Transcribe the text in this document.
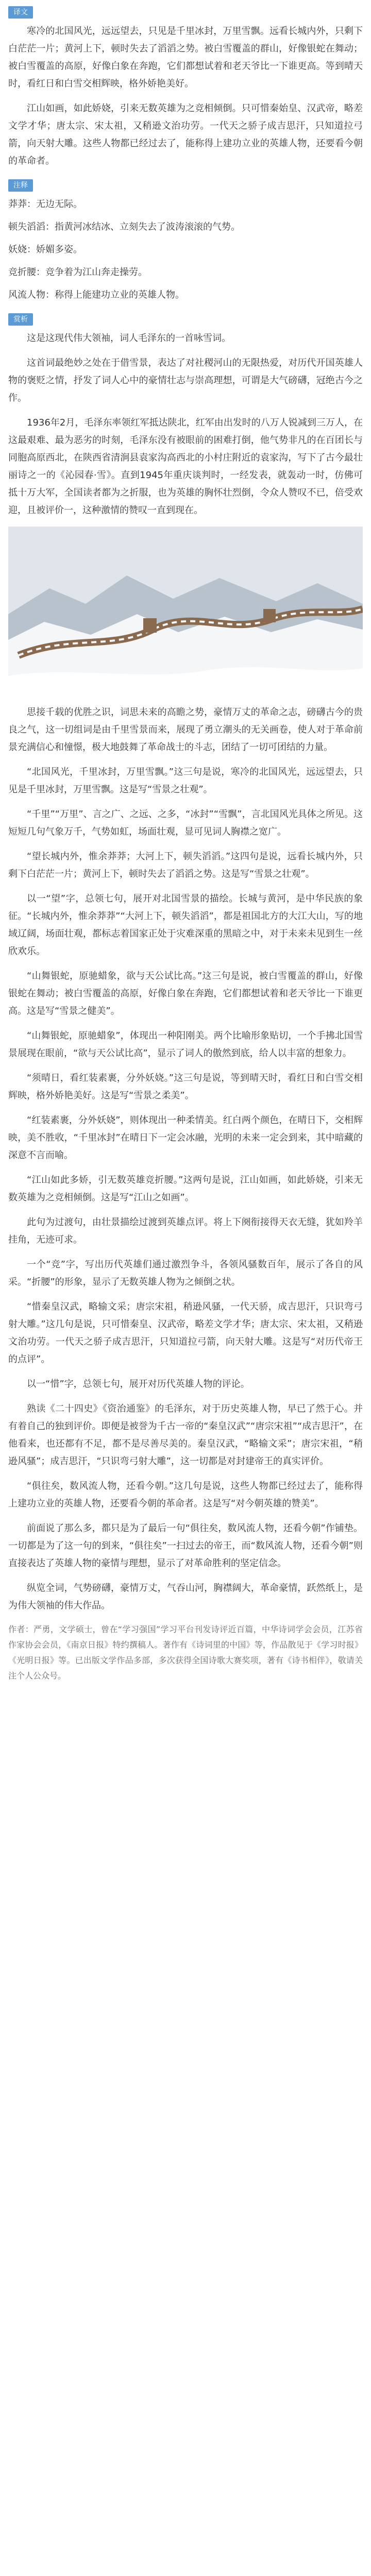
译文

寒冷的北国风光，远远望去，只见是千里冰封，万里雪飘。远看长城内外，只剩下白茫茫一片；黄河上下，顿时失去了滔滔之势。被白雪覆盖的群山，好像银蛇在舞动；被白雪覆盖的高原，好像白象在奔跑，它们都想试着和老天爷比一下谁更高。等到晴天时，看红日和白雪交相辉映，格外娇艳美好。

江山如画，如此娇娆，引来无数英雄为之竞相倾倒。只可惜秦始皇、汉武帝，略差文学才华；唐太宗、宋太祖，又稍逊文治功劳。一代天之骄子成吉思汗，只知道拉弓箭，向天射大雕。这些人物都已经过去了，能称得上建功立业的英雄人物，还要看今朝的革命者。

注释

莽莽：无边无际。

顿失滔滔：指黄河冰结冰、立刻失去了波涛滚滚的气势。

妖娆：娇媚多姿。

竞折腰：竞争着为江山奔走操劳。

风流人物：称得上能建功立业的英雄人物。

赏析

这是这现代伟大领袖，词人毛泽东的一首咏雪词。

这首词最绝妙之处在于借雪景，表达了对社稷河山的无限热爱，对历代开国英雄人物的褒贬之情，抒发了词人心中的豪情壮志与崇高理想，可谓是大气磅礴，冠绝古今之作。

1936年2月，毛泽东率领红军抵达陕北，红军由出发时的八万人锐减到三万人，在这最艰难、最为恶劣的时刻，毛泽东没有被眼前的困难打倒，他气势非凡的在百团长与同胞高原西北，在陕西省清涧县袁家沟高西北的小村庄附近的袁家沟，写下了古今最壮丽诗之一的《沁园春·雪》。直到1945年重庆谈判时，一经发表，就轰动一时，仿佛可抵十万大军，全国读者都为之折服，也为英雄的胸怀壮烈倒，令众人赞叹不已，倍受欢迎，且被评价一，这种激情的赞叹一直到现在。

思接千载的优胜之识，词思未来的高瞻之势，豪情万丈的革命之志，磅礴古今的贵良之气，这一切组词是由千里雪景而来，展现了勇立潮头的无关画卷，使人对于革命前景充满信心和憧憬，极大地鼓舞了革命战士的斗志，团结了一切可团结的力量。

“北国风光，千里冰封，万里雪飘。”这三句是说，寒冷的北国风光，远远望去，只见是千里冰封，万里雪飘。这是写“雪景之壮观”。

“千里”“万里”、言之广、之远、之多，“冰封”“雪飘”，言北国风光具体之所见。这短短几句气象万千，气势如虹，场面壮观，显可见词人胸襟之宽广。

“望长城内外，惟余莽莽；大河上下，顿失滔滔。”这四句是说，远看长城内外，只剩下白茫茫一片；黄河上下，顿时失去了滔滔之势。这是写“雪景之壮观”。

以一“望”字，总领七句，展开对北国雪景的描绘。长城与黄河，是中华民族的象征。“长城内外，惟余莽莽”“大河上下，顿失滔滔”，都是祖国北方的大江大山，写的地域辽阔，场面壮观，都标志着国家正处于灾难深重的黑暗之中，对于未来未见到生一丝欣欢乐。

“山舞银蛇，原驰蜡象，欲与天公试比高。”这三句是说，被白雪覆盖的群山，好像银蛇在舞动；被白雪覆盖的高原，好像白象在奔跑，它们都想试着和老天爷比一下谁更高。这是写“雪景之健美”。

“山舞银蛇，原驰蜡象”，体现出一种阳刚美。两个比喻形象贴切，一个手拂北国雪景展现在眼前，“欲与天公试比高”，显示了词人的傲然到底，给人以丰富的想象力。

“须晴日，看红装素裹，分外妖娆。”这三句是说，等到晴天时，看红日和白雪交相辉映，格外娇艳美好。这是写“雪景之柔美”。

“红装素裹，分外妖娆”，则体现出一种柔情美。红白两个颜色，在晴日下，交相辉映，美不胜收，“千里冰封”在晴日下一定会冰融，光明的未来一定会到来，其中暗藏的深意不言而喻。

“江山如此多娇，引无数英雄竞折腰。”这两句是说，江山如画，如此娇娆，引来无数英雄为之竞相倾倒。这是写“江山之如画”。

此句为过渡句，由壮景描绘过渡到英雄点评。将上下阕衔接得天衣无缝，犹如羚羊挂角，无迹可求。

一个“竞”字，写出历代英雄们通过激烈争斗，各领风骚数百年，展示了各自的风采。“折腰”的形象，显示了无数英雄人物为之倾倒之状。

“惜秦皇汉武，略输文采；唐宗宋祖，稍逊风骚，一代天骄，成吉思汗，只识弯弓射大雕。”这几句是说，只可惜秦皇、汉武帝，略差文学才华；唐太宗、宋太祖，又稍逊文治功劳。一代天之骄子成吉思汗，只知道拉弓箭，向天射大雕。这是写“对历代帝王的点评”。

以一“惜”字，总领七句，展开对历代英雄人物的评论。

熟读《二十四史》《资治通鉴》的毛泽东，对于历史英雄人物，早已了然于心。并有着自己的独到评价。即便是被誉为千古一帝的“秦皇汉武”“唐宗宋祖”“成吉思汗”，在他看来，也还都有不足，都不是尽善尽美的。秦皇汉武，“略输文采”；唐宗宋祖，“稍逊风骚”；成吉思汗，“只识弯弓射大雕”，这一切都是对封建帝王的真实评价。

“俱往矣，数风流人物，还看今朝。”这几句是说，这些人物都已经过去了，能称得上建功立业的英雄人物，还要看今朝的革命者。这是写“对今朝英雄的赞美”。

前面说了那么多，都只是为了最后一句“俱往矣，数风流人物，还看今朝”作铺垫。一切都是为了这一句的到来，“俱往矣”一扫过去的帝王，而“数风流人物，还看今朝”则直接表达了英雄人物的豪情与理想，显示了对革命胜利的坚定信念。

纵览全词，气势磅礴，豪情万丈，气吞山河，胸襟阔大，革命豪情，跃然纸上，是为伟大领袖的伟大作品。

作者：严勇，文学硕士，曾在“学习强国”学习平台刊发诗评近百篇，中华诗词学会会员，江苏省作家协会会员，《南京日报》特约撰稿人。著作有《诗词里的中国》等，作品散见于《学习时报》《光明日报》等。已出版文学作品多部，多次获得全国诗歌大赛奖项，著有《诗书相伴》，敬请关注个人公众号。
